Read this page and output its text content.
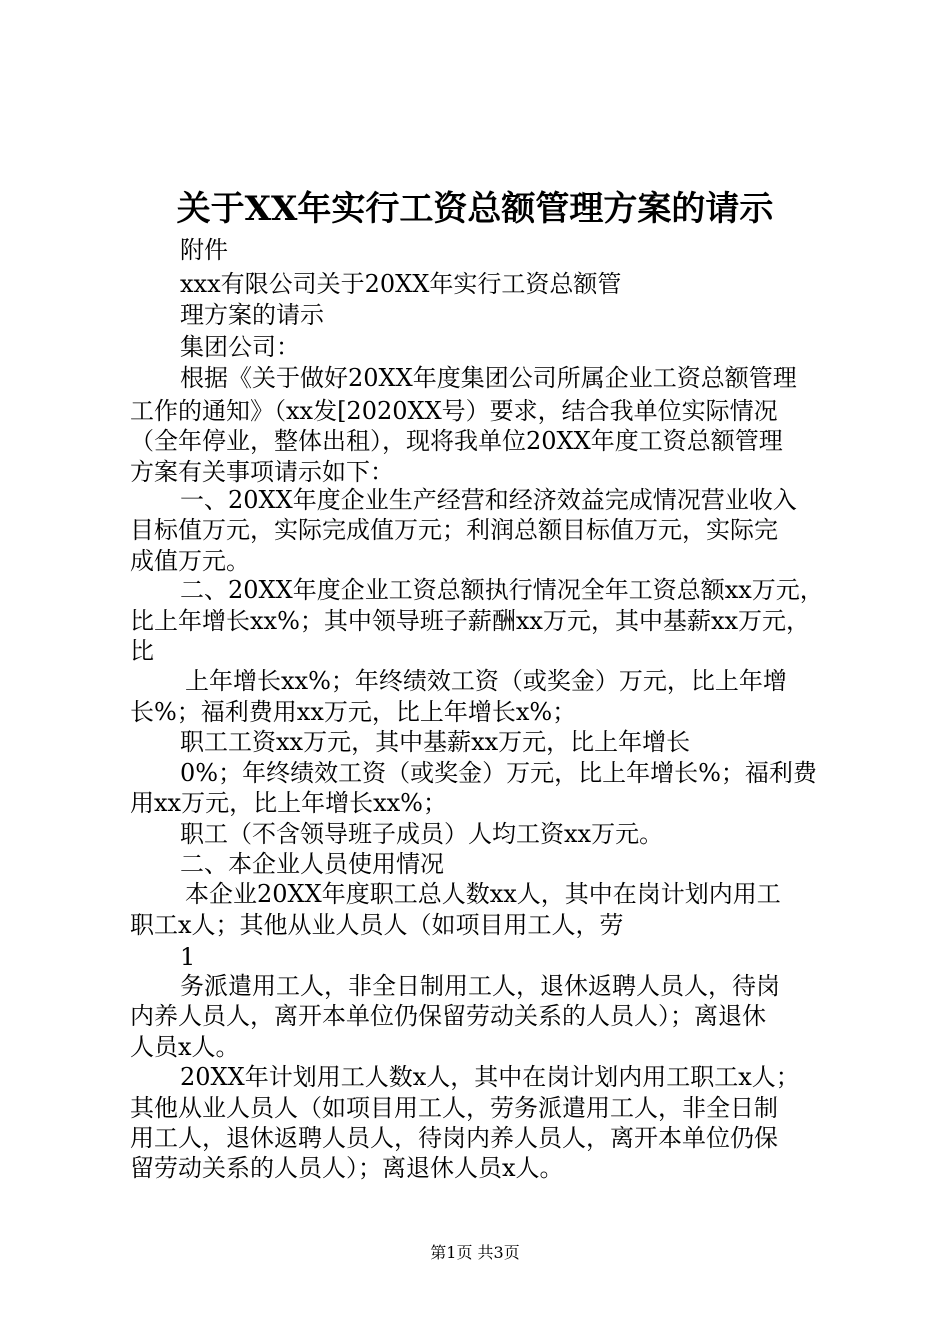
关于XX年实行工资总额管理方案的请示
附件
xxx有限公司关于20XX年实行工资总额管
理方案的请示
集团公司：
根据《关于做好20XX年度集团公司所属企业工资总额管理
工作的通知》（xx发[2020XX号）要求，结合我单位实际情况
（全年停业，整体出租），现将我单位20XX年度工资总额管理
方案有关事项请示如下：
一、20XX年度企业生产经营和经济效益完成情况营业收入
目标值万元，实际完成值万元；利润总额目标值万元，实际完
成值万元。
二、20XX年度企业工资总额执行情况全年工资总额xx万元，
比上年增长xx%；其中领导班子薪酬xx万元，其中基薪xx万元，
比
上年增长xx%；年终绩效工资（或奖金）万元，比上年增
长%；福利费用xx万元，比上年增长x%；
职工工资xx万元，其中基薪xx万元，比上年增长
0%；年终绩效工资（或奖金）万元，比上年增长%；福利费
用xx万元，比上年增长xx%；
职工（不含领导班子成员）人均工资xx万元。
二、本企业人员使用情况
本企业20XX年度职工总人数xx人，其中在岗计划内用工
职工x人；其他从业人员人（如项目用工人，劳
1
务派遣用工人，非全日制用工人，退休返聘人员人，待岗
内养人员人，离开本单位仍保留劳动关系的人员人）；离退休
人员x人。
20XX年计划用工人数x人，其中在岗计划内用工职工x人；
其他从业人员人（如项目用工人，劳务派遣用工人，非全日制
用工人，退休返聘人员人，待岗内养人员人，离开本单位仍保
留劳动关系的人员人）；离退休人员x人。
第1页 共3页
